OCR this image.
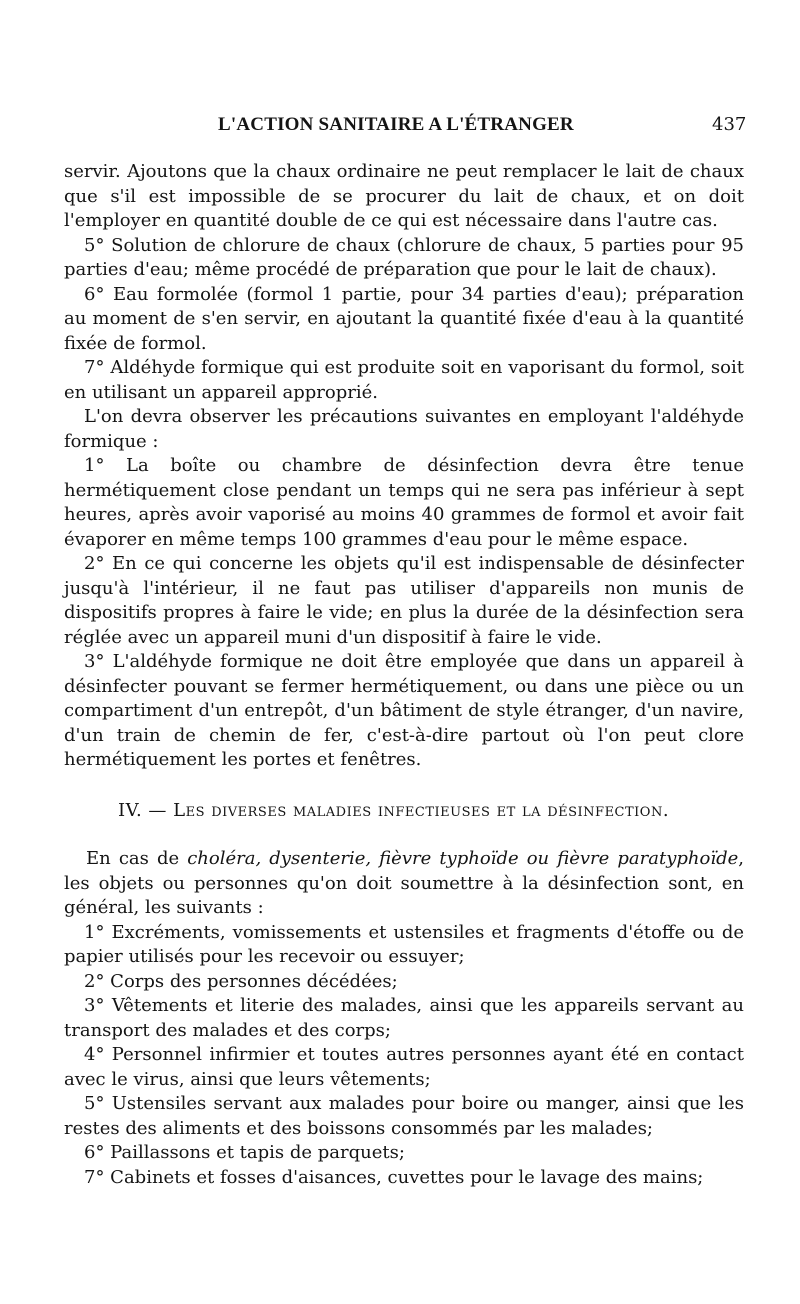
L'ACTION SANITAIRE A L'ÉTRANGER	437

servir. Ajoutons que la chaux ordinaire ne peut remplacer le lait de chaux que s'il est impossible de se procurer du lait de chaux, et on doit l'employer en quantité double de ce qui est nécessaire dans l'autre cas.

5° Solution de chlorure de chaux (chlorure de chaux, 5 parties pour 95 parties d'eau; même procédé de préparation que pour le lait de chaux).

6° Eau formolée (formol 1 partie, pour 34 parties d'eau); préparation au moment de s'en servir, en ajoutant la quantité fixée d'eau à la quantité fixée de formol.

7° Aldéhyde formique qui est produite soit en vaporisant du formol, soit en utilisant un appareil approprié.

L'on devra observer les précautions suivantes en employant l'aldéhyde formique :

1° La boîte ou chambre de désinfection devra être tenue hermétiquement close pendant un temps qui ne sera pas inférieur à sept heures, après avoir vaporisé au moins 40 grammes de formol et avoir fait évaporer en même temps 100 grammes d'eau pour le même espace.

2° En ce qui concerne les objets qu'il est indispensable de désinfecter jusqu'à l'intérieur, il ne faut pas utiliser d'appareils non munis de dispositifs propres à faire le vide; en plus la durée de la désinfection sera réglée avec un appareil muni d'un dispositif à faire le vide.

3° L'aldéhyde formique ne doit être employée que dans un appareil à désinfecter pouvant se fermer hermétiquement, ou dans une pièce ou un compartiment d'un entrepôt, d'un bâtiment de style étranger, d'un navire, d'un train de chemin de fer, c'est-à-dire partout où l'on peut clore hermétiquement les portes et fenêtres.

IV. — Les diverses maladies infectieuses et la désinfection.

En cas de choléra, dysenterie, fièvre typhoïde ou fièvre paratyphoïde, les objets ou personnes qu'on doit soumettre à la désinfection sont, en général, les suivants :

1° Excréments, vomissements et ustensiles et fragments d'étoffe ou de papier utilisés pour les recevoir ou essuyer;

2° Corps des personnes décédées;

3° Vêtements et literie des malades, ainsi que les appareils servant au transport des malades et des corps;

4° Personnel infirmier et toutes autres personnes ayant été en contact avec le virus, ainsi que leurs vêtements;

5° Ustensiles servant aux malades pour boire ou manger, ainsi que les restes des aliments et des boissons consommés par les malades;

6° Paillassons et tapis de parquets;

7° Cabinets et fosses d'aisances, cuvettes pour le lavage des mains;
